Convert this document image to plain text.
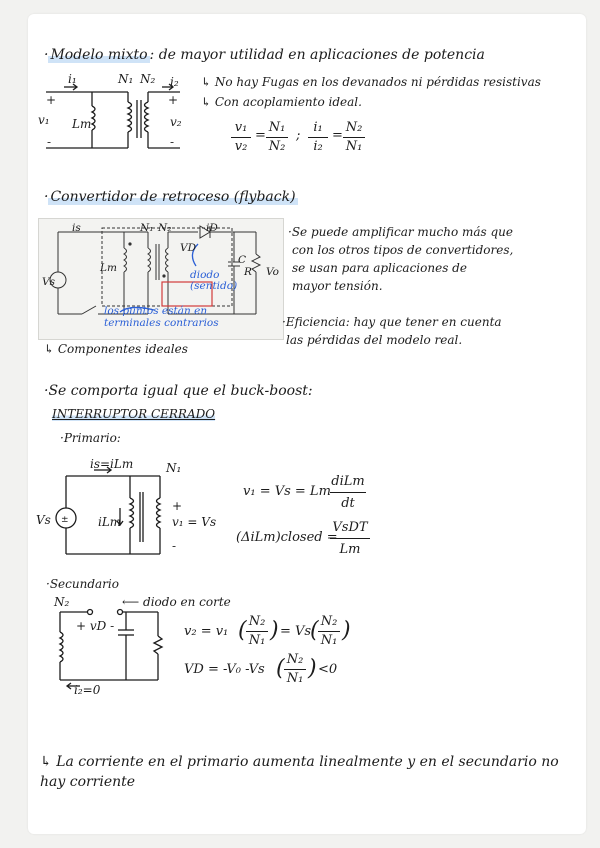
· Modelo mixto : de mayor utilidad en aplicaciones de potencia
i₁	N₁ N₂ i₂
+	+
v₁	v₂
Lm
-	-
↳ No hay Fugas en los devanados ni pérdidas resistivas
↳ Con acoplamiento ideal.
v₁
v₂
=
N₁
N₂
;
i₁
i₂
=
N₂
N₁
· Convertidor de retroceso (flyback)
Vs
is
Lm
N₁ N₂	iD
VD
C
R Vo
diodo (sentido)
los puntos están en terminales contrarios
↳ Componentes ideales
·Se puede amplificar mucho más que
con los otros tipos de convertidores,
se usan para aplicaciones de
mayor tensión.
·Eficiencia: hay que tener en cuenta
las pérdidas del modelo real.
·Se comporta igual que el buck-boost:
INTERRUPTOR CERRADO
·Primario:
±
is=iLm	N₁
Vs	iLm
+
v₁ = Vs
-
v₁ = Vs = Lm
diLm
dt
(ΔiLm)closed =
VsDT
Lm
·Secundario
N₂	⟵ diodo en corte
+ vD -
i₂=0
v₂ = v₁ ( N₂
N₁ ) = Vs
( N₂
N₁ )
VD = -V₀ -Vs ( N₂
N₁ ) <0
↳ La corriente en el primario aumenta linealmente y en el secundario no
hay corriente
